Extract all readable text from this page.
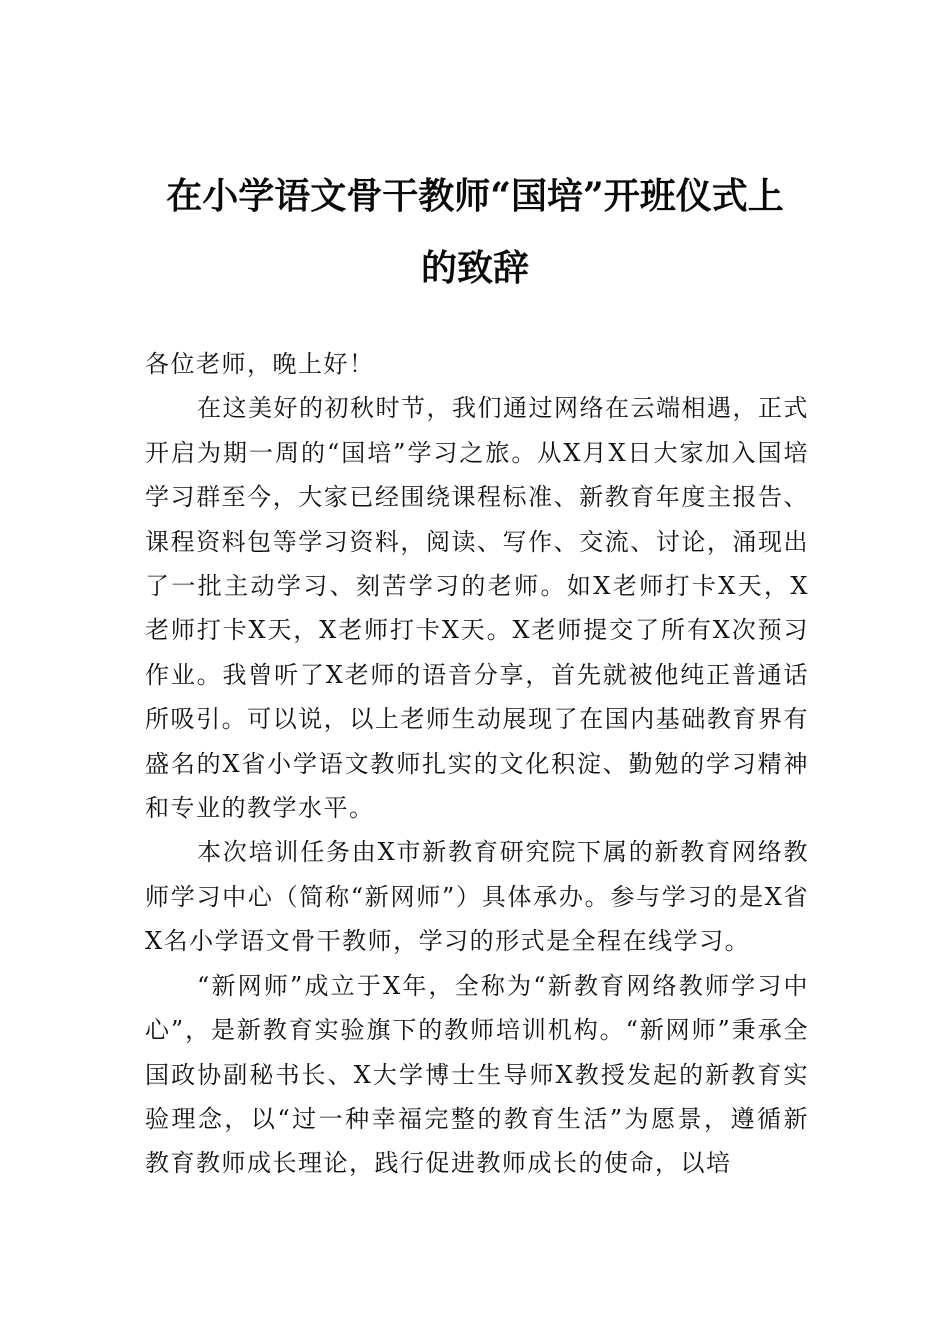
在小学语文骨干教师“国培”开班仪式上
的致辞

各位老师，晚上好！

在这美好的初秋时节，我们通过网络在云端相遇，正式开启为期一周的“国培”学习之旅。从X月X日大家加入国培学习群至今，大家已经围绕课程标准、新教育年度主报告、课程资料包等学习资料，阅读、写作、交流、讨论，涌现出了一批主动学习、刻苦学习的老师。如X老师打卡X天，X老师打卡X天，X老师打卡X天。X老师提交了所有X次预习作业。我曾听了X老师的语音分享，首先就被他纯正普通话所吸引。可以说，以上老师生动展现了在国内基础教育界有盛名的X省小学语文教师扎实的文化积淀、勤勉的学习精神和专业的教学水平。

本次培训任务由X市新教育研究院下属的新教育网络教师学习中心（简称“新网师”）具体承办。参与学习的是X省X名小学语文骨干教师，学习的形式是全程在线学习。

“新网师”成立于X年，全称为“新教育网络教师学习中心”，是新教育实验旗下的教师培训机构。“新网师”秉承全国政协副秘书长、X大学博士生导师X教授发起的新教育实验理念，以“过一种幸福完整的教育生活”为愿景，遵循新教育教师成长理论，践行促进教师成长的使命，以培
